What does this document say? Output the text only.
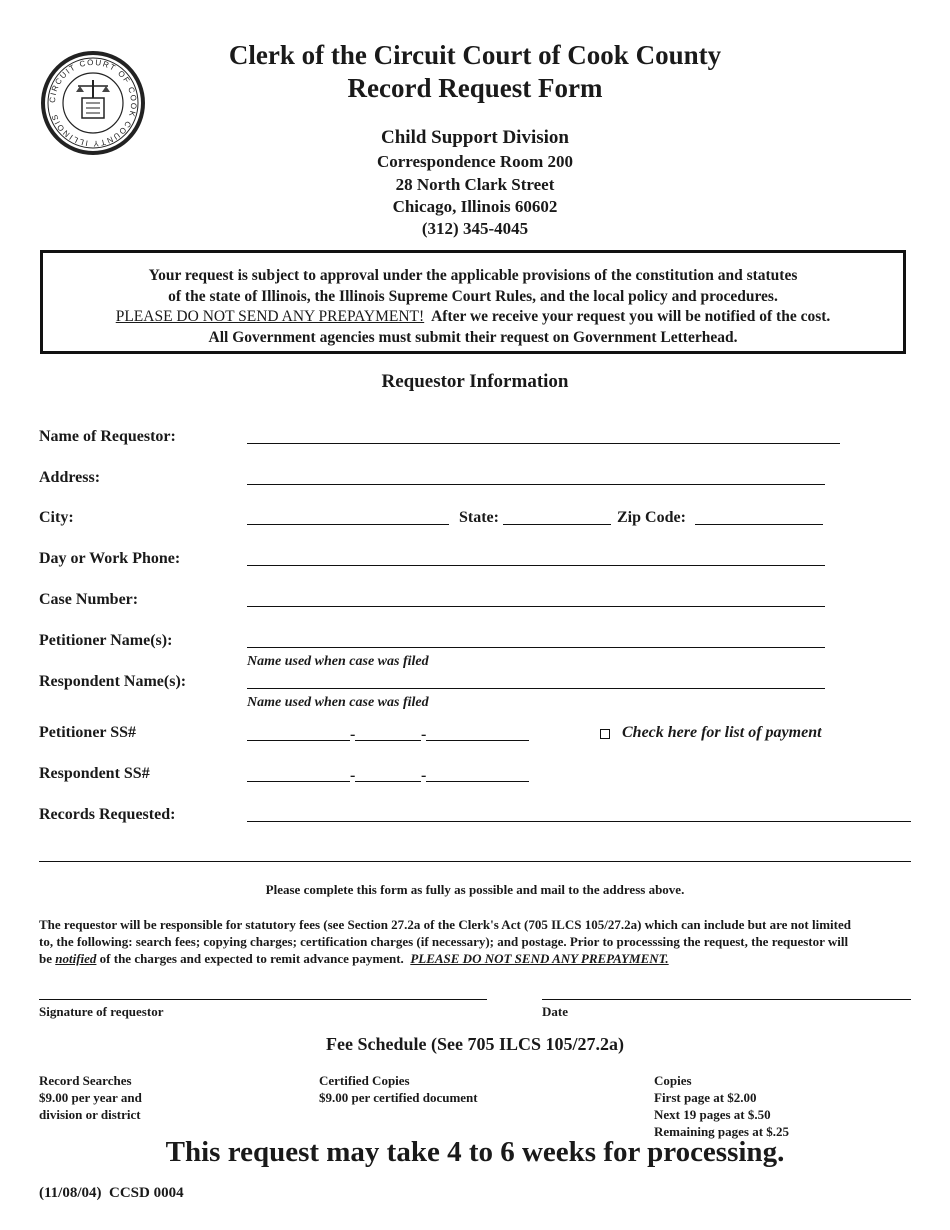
CIRCUIT COURT OF COOK COUNTY ILLINOIS
Clerk of the Circuit Court of Cook County
Record Request Form
Child Support Division
Correspondence Room 200
28 North Clark Street
Chicago, Illinois 60602
(312) 345-4045
Your request is subject to approval under the applicable provisions of the constitution and statutes
of the state of Illinois, the Illinois Supreme Court Rules, and the local policy and procedures.
PLEASE DO NOT SEND ANY PREPAYMENT!  After we receive your request you will be notified of the cost.
All Government agencies must submit their request on Government Letterhead.
Requestor Information
Name of Requestor:
Address:
City:	State:	Zip Code:
Day or Work Phone:
Case Number:
Petitioner Name(s):
Name used when case was filed
Respondent Name(s):
Name used when case was filed
Petitioner SS#	-	-	Check here for list of payment
Respondent SS#	-	-
Records Requested:
Please complete this form as fully as possible and mail to the address above.
The requestor will be responsible for statutory fees (see Section 27.2a of the Clerk's Act (705 ILCS 105/27.2a) which can include but are not limited
to, the following: search fees; copying charges; certification charges (if necessary); and postage. Prior to processsing the request, the requestor will
be notified of the charges and expected to remit advance payment.  PLEASE DO NOT SEND ANY PREPAYMENT.
Signature of requestor	Date
Fee Schedule (See 705 ILCS 105/27.2a)
Record Searches
$9.00 per year and
division or district
Certified Copies
$9.00 per certified document
Copies
First page at $2.00
Next 19 pages at $.50
Remaining pages at $.25
This request may take 4 to 6 weeks for processing.
(11/08/04)  CCSD 0004
